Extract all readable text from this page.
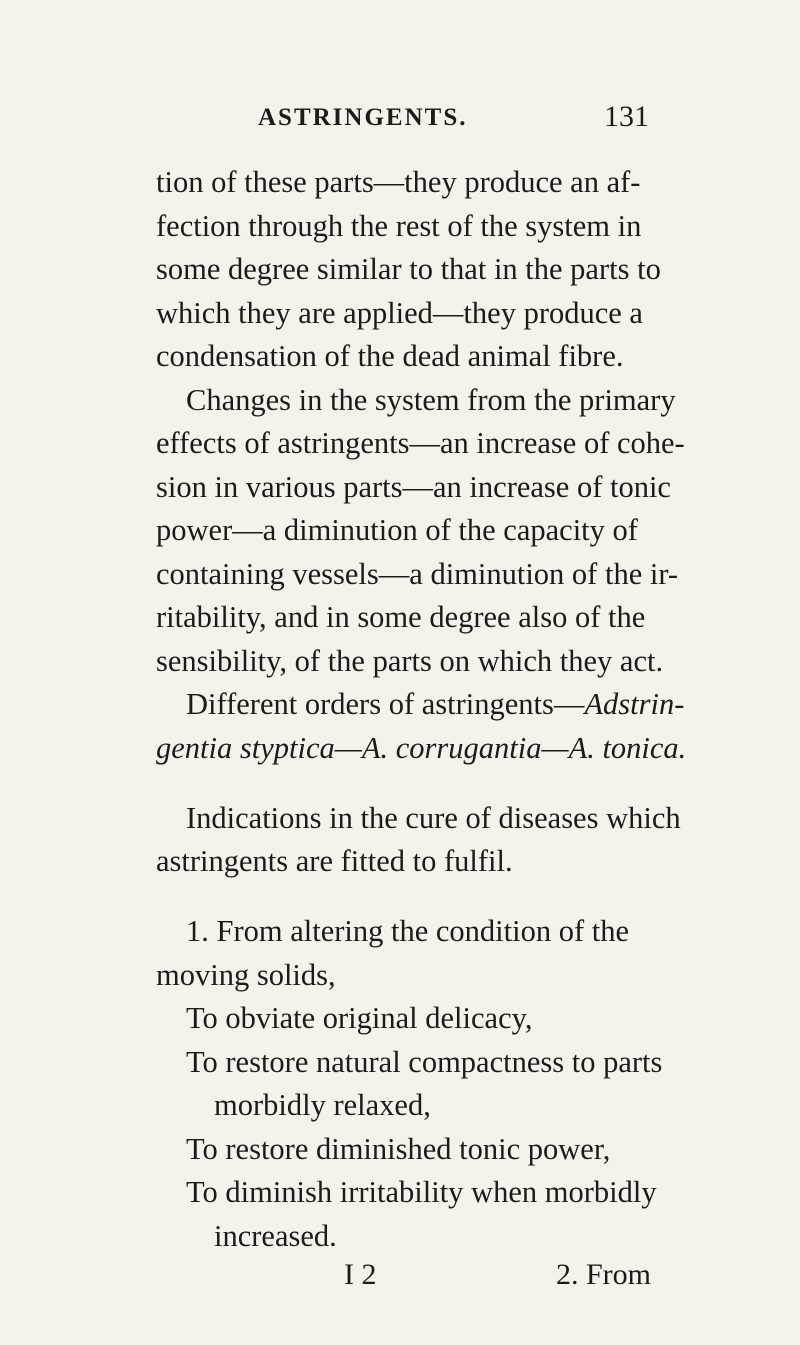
ASTRINGENTS.	131
tion of these parts—they produce an af-
fection through the rest of the system in
some degree similar to that in the parts to
which they are applied—they produce a
condensation of the dead animal fibre.
Changes in the system from the primary
effects of astringents—an increase of cohe-
sion in various parts—an increase of tonic
power—a diminution of the capacity of
containing vessels—a diminution of the ir-
ritability, and in some degree also of the
sensibility, of the parts on which they act.
Different orders of astringents—Adstrin-
gentia styptica—A. corrugantia—A. tonica.
Indications in the cure of diseases which
astringents are fitted to fulfil.
1. From altering the condition of the
moving solids,
To obviate original delicacy,
To restore natural compactness to parts
morbidly relaxed,
To restore diminished tonic power,
To diminish irritability when morbidly
increased.
I 2	2. From
